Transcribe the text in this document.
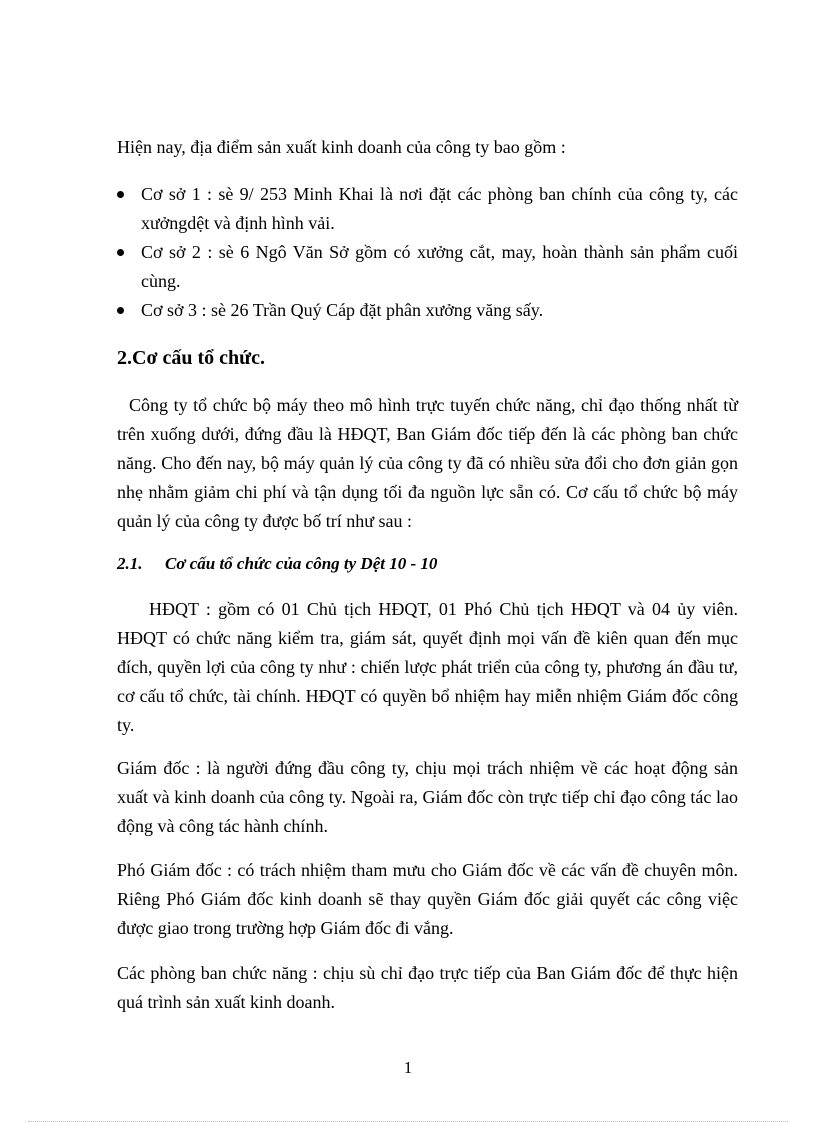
Hiện nay, địa điểm sản xuất kinh doanh của công ty bao gồm :

Cơ sở 1 : sè 9/ 253 Minh Khai là nơi đặt các phòng ban chính của công ty, các xưởngdệt và định hình vải.
Cơ sở 2 : sè 6 Ngô Văn Sở gồm có xưởng cắt, may, hoàn thành sản phẩm cuối cùng.
Cơ sở 3 : sè 26 Trần Quý Cáp đặt phân xưởng văng sấy.
2.Cơ cấu tổ chức.

Công ty tổ chức bộ máy theo mô hình trực tuyến chức năng, chỉ đạo thống nhất từ trên xuống dưới, đứng đầu là HĐQT, Ban Giám đốc tiếp đến là các phòng ban chức năng. Cho đến nay, bộ máy quản lý của công ty đã có nhiều sửa đổi cho đơn giản gọn nhẹ nhằm giảm chi phí và tận dụng tối đa nguồn lực sẵn có. Cơ cấu tổ chức bộ máy quản lý của công ty được bố trí như sau :

2.1. Cơ cấu tổ chức của công ty Dệt 10 - 10

HĐQT : gồm có 01 Chủ tịch HĐQT, 01 Phó Chủ tịch HĐQT và 04 ủy viên. HĐQT có chức năng kiểm tra, giám sát, quyết định mọi vấn đề kiên quan đến mục đích, quyền lợi của công ty như : chiến lược phát triển của công ty, phương án đầu tư, cơ cấu tổ chức, tài chính. HĐQT có quyền bổ nhiệm hay miễn nhiệm Giám đốc công ty.

Giám đốc : là người đứng đầu công ty, chịu mọi trách nhiệm về các hoạt động sản xuất và kinh doanh của công ty. Ngoài ra, Giám đốc còn trực tiếp chỉ đạo công tác lao động và công tác hành chính.

Phó Giám đốc : có trách nhiệm tham mưu cho Giám đốc về các vấn đề chuyên môn. Riêng Phó Giám đốc kinh doanh sẽ thay quyền Giám đốc giải quyết các công việc được giao trong trường hợp Giám đốc đi vắng.

Các phòng ban chức năng : chịu sù chỉ đạo trực tiếp của Ban Giám đốc để thực hiện quá trình sản xuất kinh doanh.

1
